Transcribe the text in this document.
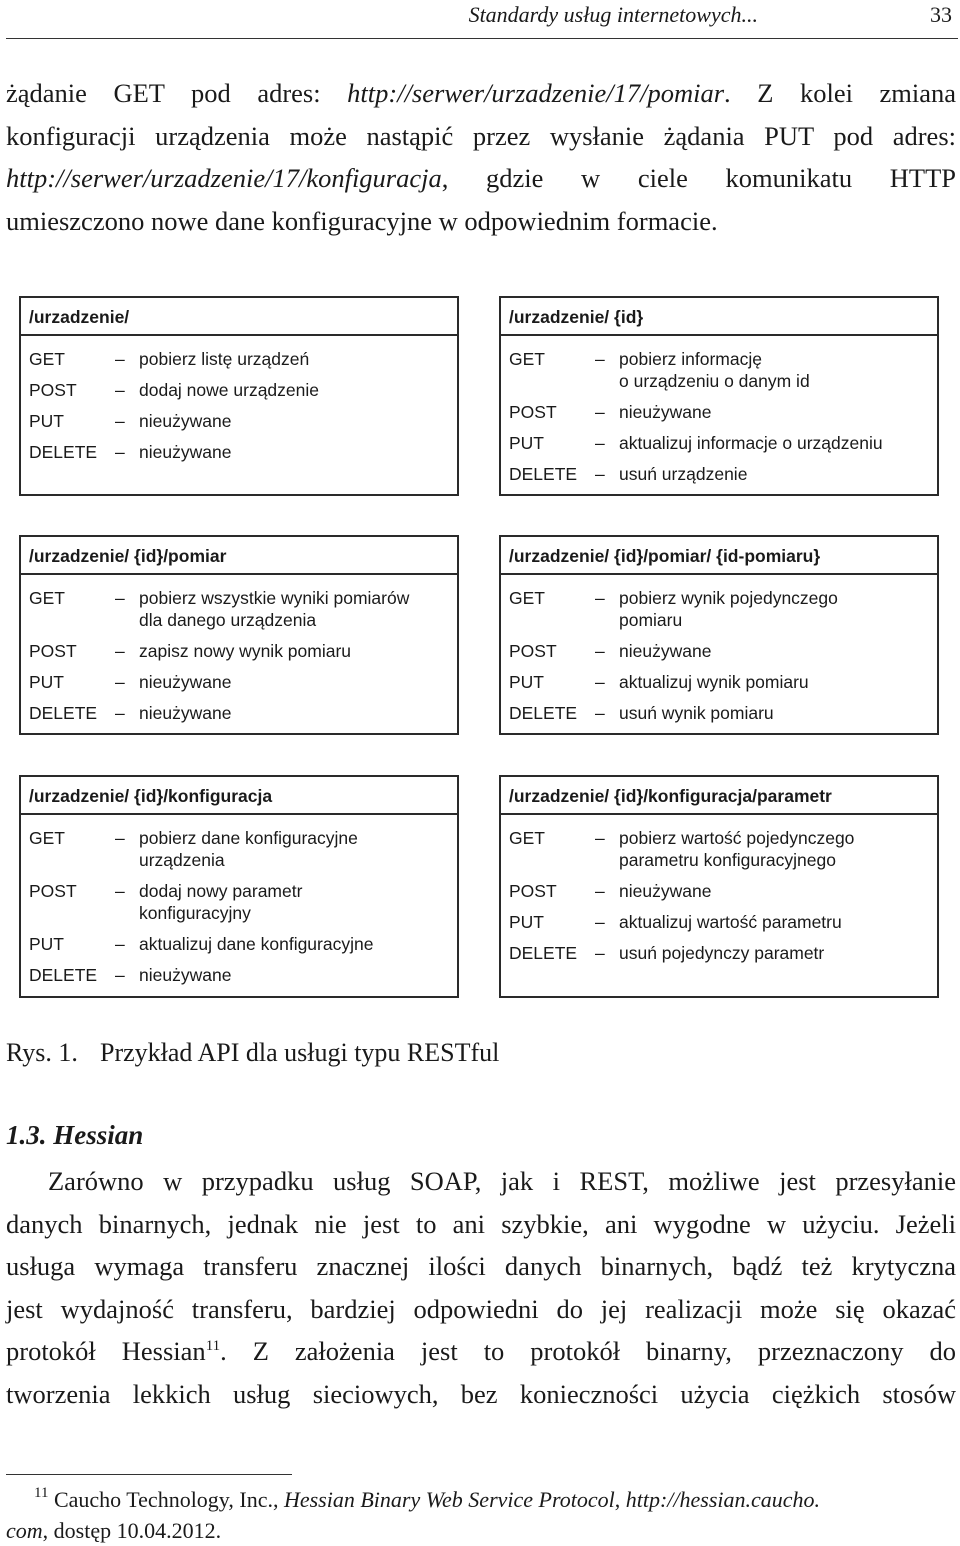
Standardy usług internetowych...	33
żądanie GET pod adres: http://serwer/urzadzenie/17/pomiar. Z kolei zmiana
konfiguracji urządzenia może nastąpić przez wysłanie żądania PUT pod adres:
http://serwer/urzadzenie/17/konfiguracja, gdzie w ciele komunikatu HTTP
umieszczono nowe dane konfiguracyjne w odpowiednim formacie.
/urzadzenie/
GET	– pobierz listę urządzeń
POST	– dodaj nowe urządzenie
PUT	– nieużywane
DELETE	– nieużywane
/urzadzenie/ {id}
GET	– pobierz informację
o urządzeniu o danym id
POST	– nieużywane
PUT	– aktualizuj informacje o urządzeniu
DELETE	– usuń urządzenie
/urzadzenie/ {id}/pomiar
GET	– pobierz wszystkie wyniki pomiarów
dla danego urządzenia
POST	– zapisz nowy wynik pomiaru
PUT	– nieużywane
DELETE	– nieużywane
/urzadzenie/ {id}/pomiar/ {id-pomiaru}
GET	– pobierz wynik pojedynczego
pomiaru
POST	– nieużywane
PUT	– aktualizuj wynik pomiaru
DELETE	– usuń wynik pomiaru
/urzadzenie/ {id}/konfiguracja
GET	– pobierz dane konfiguracyjne
urządzenia
POST	– dodaj nowy parametr
konfiguracyjny
PUT	– aktualizuj dane konfiguracyjne
DELETE	– nieużywane
/urzadzenie/ {id}/konfiguracja/parametr
GET	– pobierz wartość pojedynczego
parametru konfiguracyjnego
POST	– nieużywane
PUT	– aktualizuj wartość parametru
DELETE	– usuń pojedynczy parametr
Rys. 1. Przykład API dla usługi typu RESTful
1.3. Hessian
Zarówno w przypadku usług SOAP, jak i REST, możliwe jest przesyłanie
danych binarnych, jednak nie jest to ani szybkie, ani wygodne w użyciu. Jeżeli
usługa wymaga transferu znacznej ilości danych binarnych, bądź też krytyczna
jest wydajność transferu, bardziej odpowiedni do jej realizacji może się okazać
protokół Hessian$^{11}$. Z założenia jest to protokół binarny, przeznaczony do
tworzenia lekkich usług sieciowych, bez konieczności użycia ciężkich stosów
$^{11}$ Caucho Technology, Inc., Hessian Binary Web Service Protocol, http://hessian.caucho.
com, dostęp 10.04.2012.
